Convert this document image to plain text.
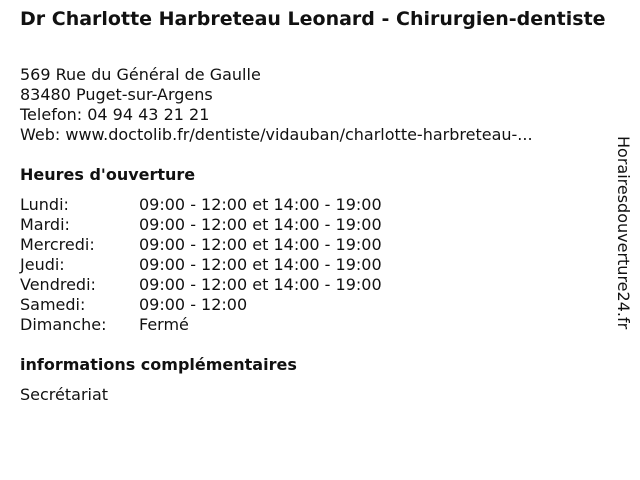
Dr Charlotte Harbreteau Leonard - Chirurgien-dentiste
569 Rue du Général de Gaulle
83480 Puget-sur-Argens
Telefon: 04 94 43 21 21
Web: www.doctolib.fr/dentiste/vidauban/charlotte-harbreteau-...
Heures d'ouverture
Lundi:	09:00 - 12:00 et 14:00 - 19:00
Mardi:	09:00 - 12:00 et 14:00 - 19:00
Mercredi:	09:00 - 12:00 et 14:00 - 19:00
Jeudi:	09:00 - 12:00 et 14:00 - 19:00
Vendredi:	09:00 - 12:00 et 14:00 - 19:00
Samedi:	09:00 - 12:00
Dimanche: Fermé
informations complémentaires
Secrétariat
Horairesdouverture24.fr
